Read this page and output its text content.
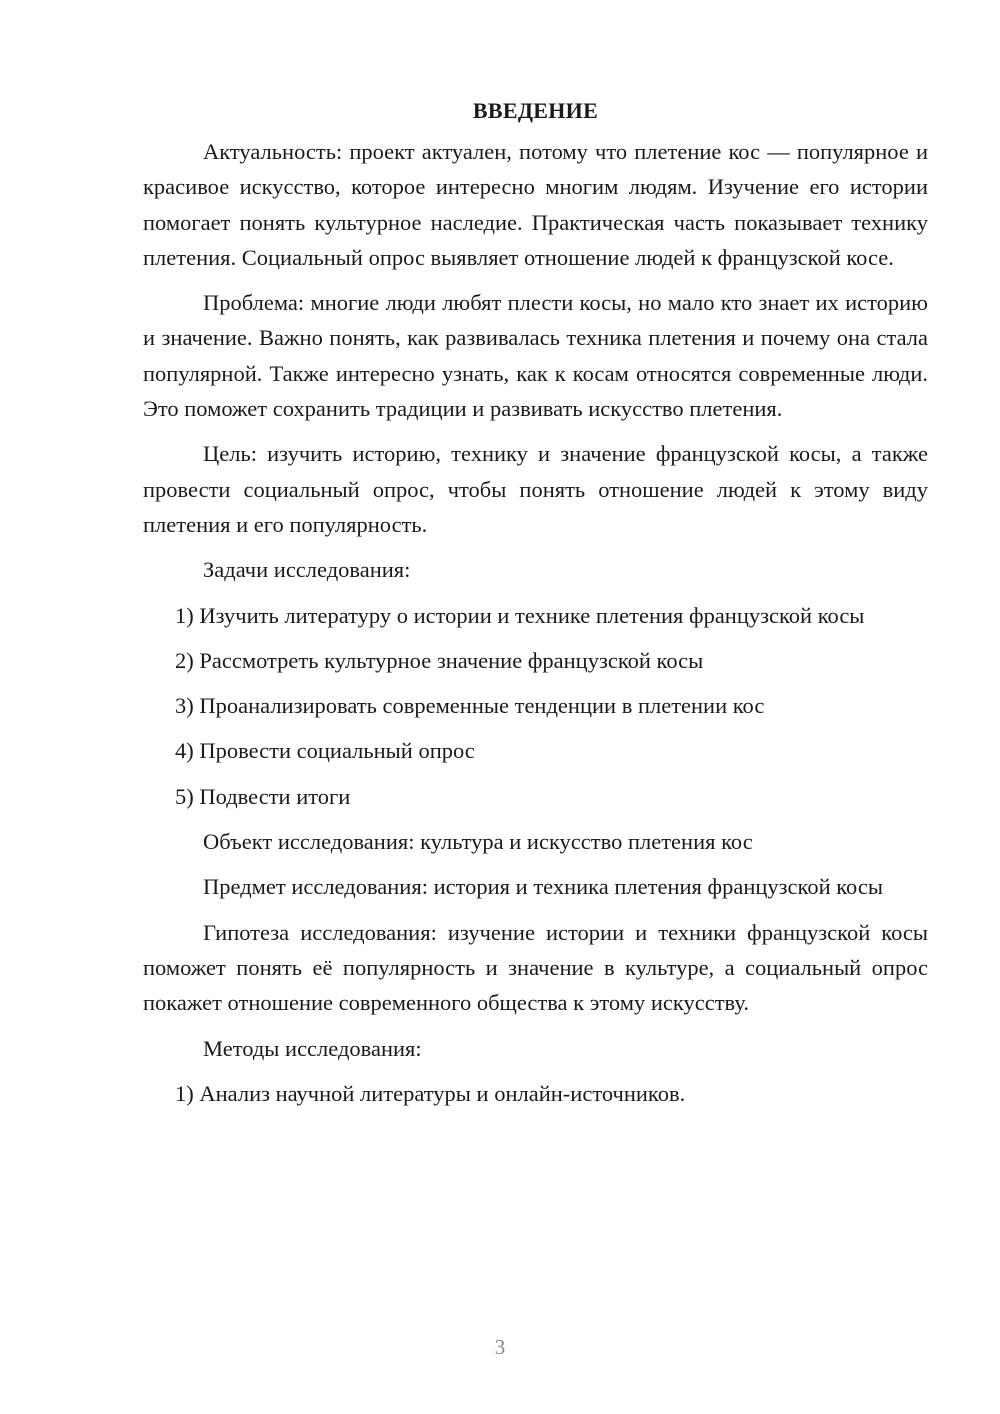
ВВЕДЕНИЕ

Актуальность: проект актуален, потому что плетение кос — популярное и красивое искусство, которое интересно многим людям. Изучение его истории помогает понять культурное наследие. Практическая часть показывает технику плетения. Социальный опрос выявляет отношение людей к французской косе.

Проблема: многие люди любят плести косы, но мало кто знает их историю и значение. Важно понять, как развивалась техника плетения и почему она стала популярной. Также интересно узнать, как к косам относятся современные люди. Это поможет сохранить традиции и развивать искусство плетения.

Цель: изучить историю, технику и значение французской косы, а также провести социальный опрос, чтобы понять отношение людей к этому виду плетения и его популярность.

Задачи исследования:

1) Изучить литературу о истории и технике плетения французской косы

2) Рассмотреть культурное значение французской косы

3) Проанализировать современные тенденции в плетении кос

4) Провести социальный опрос

5) Подвести итоги

Объект исследования: культура и искусство плетения кос

Предмет исследования: история и техника плетения французской косы

Гипотеза исследования: изучение истории и техники французской косы поможет понять её популярность и значение в культуре, а социальный опрос покажет отношение современного общества к этому искусству.

Методы исследования:

1) Анализ научной литературы и онлайн-источников.

3
